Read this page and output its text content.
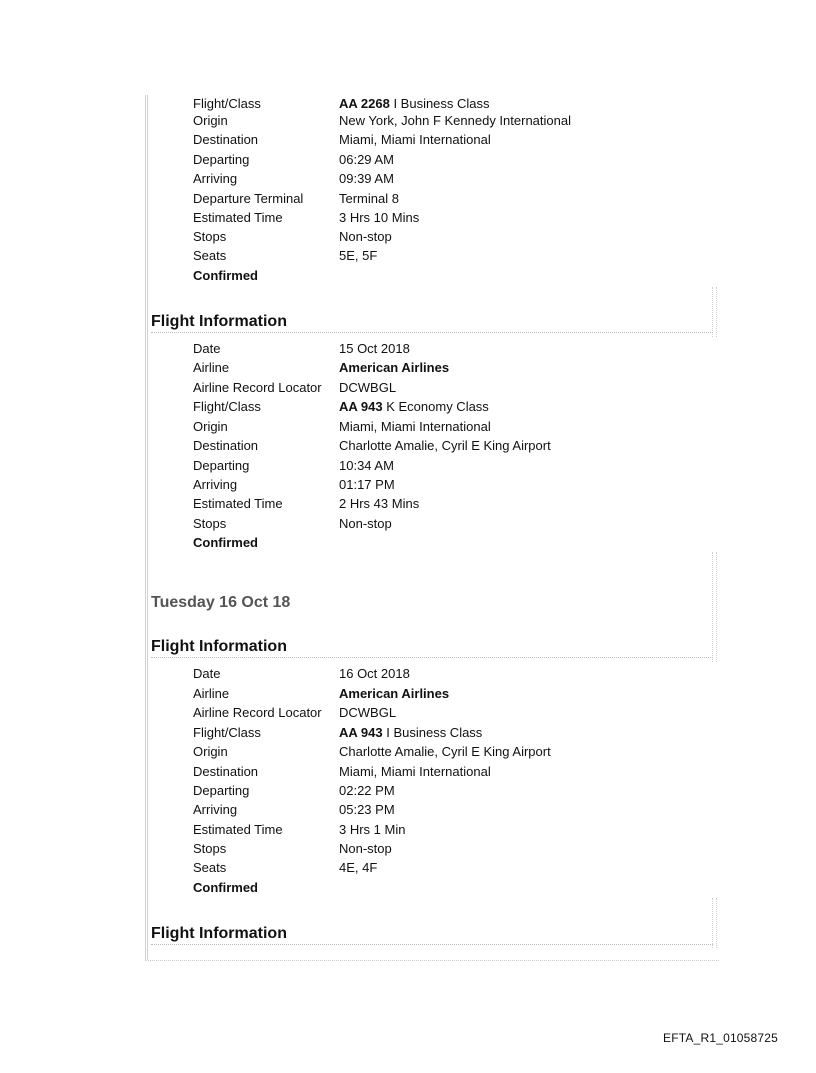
Flight/Class	AA 2268 I Business Class
Origin	New York, John F Kennedy International
Destination	Miami, Miami International
Departing	06:29 AM
Arriving	09:39 AM
Departure Terminal	Terminal 8
Estimated Time	3 Hrs 10 Mins
Stops	Non-stop
Seats	5E, 5F
Confirmed
Flight Information
Date	15 Oct 2018
Airline	American Airlines
Airline Record Locator	DCWBGL
Flight/Class	AA 943 K Economy Class
Origin	Miami, Miami International
Destination	Charlotte Amalie, Cyril E King Airport
Departing	10:34 AM
Arriving	01:17 PM
Estimated Time	2 Hrs 43 Mins
Stops	Non-stop
Confirmed
Tuesday 16 Oct 18
Flight Information
Date	16 Oct 2018
Airline	American Airlines
Airline Record Locator	DCWBGL
Flight/Class	AA 943 I Business Class
Origin	Charlotte Amalie, Cyril E King Airport
Destination	Miami, Miami International
Departing	02:22 PM
Arriving	05:23 PM
Estimated Time	3 Hrs 1 Min
Stops	Non-stop
Seats	4E, 4F
Confirmed
Flight Information
EFTA_R1_01058725
